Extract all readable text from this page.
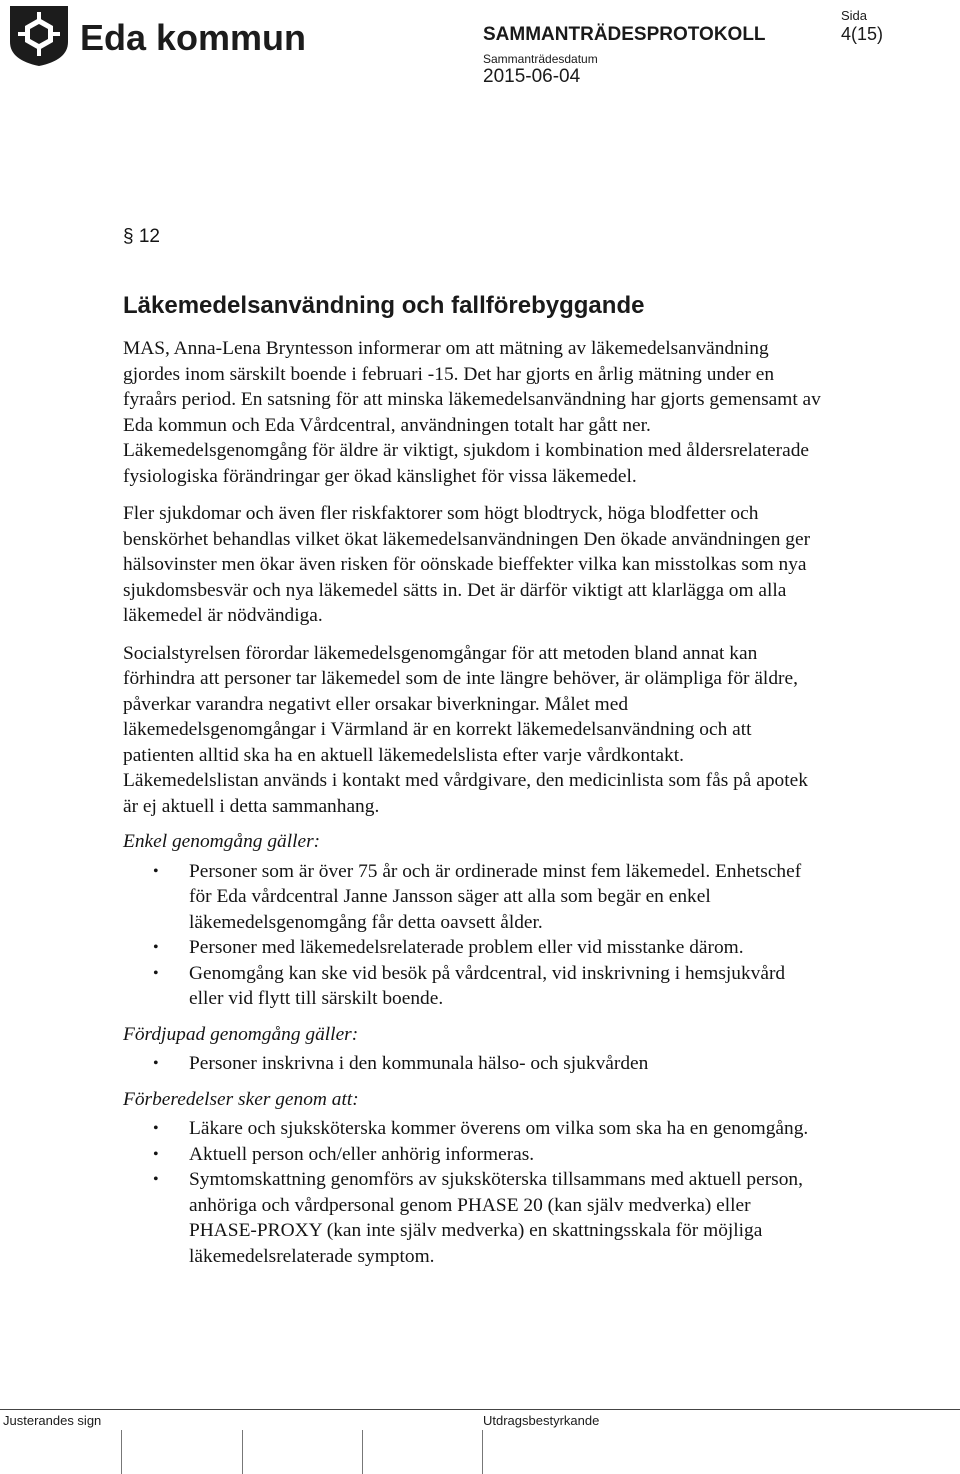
Eda kommun	SAMMANTRÄDESPROTOKOLL
Sammanträdesdatum
2015-06-04
Sida
4(15)
§ 12
Läkemedelsanvändning och fallförebyggande

MAS, Anna-Lena Bryntesson informerar om att mätning av läkemedelsanvändning gjordes inom särskilt boende i februari -15. Det har gjorts en årlig mätning under en fyraårs period. En satsning för att minska läkemedelsanvändning har gjorts gemensamt av Eda kommun och Eda Vårdcentral, användningen totalt har gått ner. Läkemedelsgenomgång för äldre är viktigt, sjukdom i kombination med åldersrelaterade fysiologiska förändringar ger ökad känslighet för vissa läkemedel.

Fler sjukdomar och även fler riskfaktorer som högt blodtryck, höga blodfetter och benskörhet behandlas vilket ökat läkemedelsanvändningen Den ökade användningen ger hälsovinster men ökar även risken för oönskade bieffekter vilka kan misstolkas som nya sjukdomsbesvär och nya läkemedel sätts in. Det är därför viktigt att klarlägga om alla läkemedel är nödvändiga.

Socialstyrelsen förordar läkemedelsgenomgångar för att metoden bland annat kan förhindra att personer tar läkemedel som de inte längre behöver, är olämpliga för äldre, påverkar varandra negativt eller orsakar biverkningar. Målet med läkemedelsgenomgångar i Värmland är en korrekt läkemedelsanvändning och att patienten alltid ska ha en aktuell läkemedelslista efter varje vårdkontakt. Läkemedelslistan används i kontakt med vårdgivare, den medicinlista som fås på apotek är ej aktuell i detta sammanhang.

Enkel genomgång gäller:

• Personer som är över 75 år och är ordinerade minst fem läkemedel. Enhetschef för Eda vårdcentral Janne Jansson säger att alla som begär en enkel läkemedelsgenomgång får detta oavsett ålder.
• Personer med läkemedelsrelaterade problem eller vid misstanke därom.
• Genomgång kan ske vid besök på vårdcentral, vid inskrivning i hemsjukvård eller vid flytt till särskilt boende.

Fördjupad genomgång gäller:

• Personer inskrivna i den kommunala hälso- och sjukvården

Förberedelser sker genom att:

• Läkare och sjuksköterska kommer överens om vilka som ska ha en genomgång.
• Aktuell person och/eller anhörig informeras.
• Symtomskattning genomförs av sjuksköterska tillsammans med aktuell person, anhöriga och vårdpersonal genom PHASE 20 (kan själv medverka) eller PHASE-PROXY (kan inte själv medverka) en skattningsskala för möjliga läkemedelsrelaterade symptom.
Justerandes sign	Utdragsbestyrkande
